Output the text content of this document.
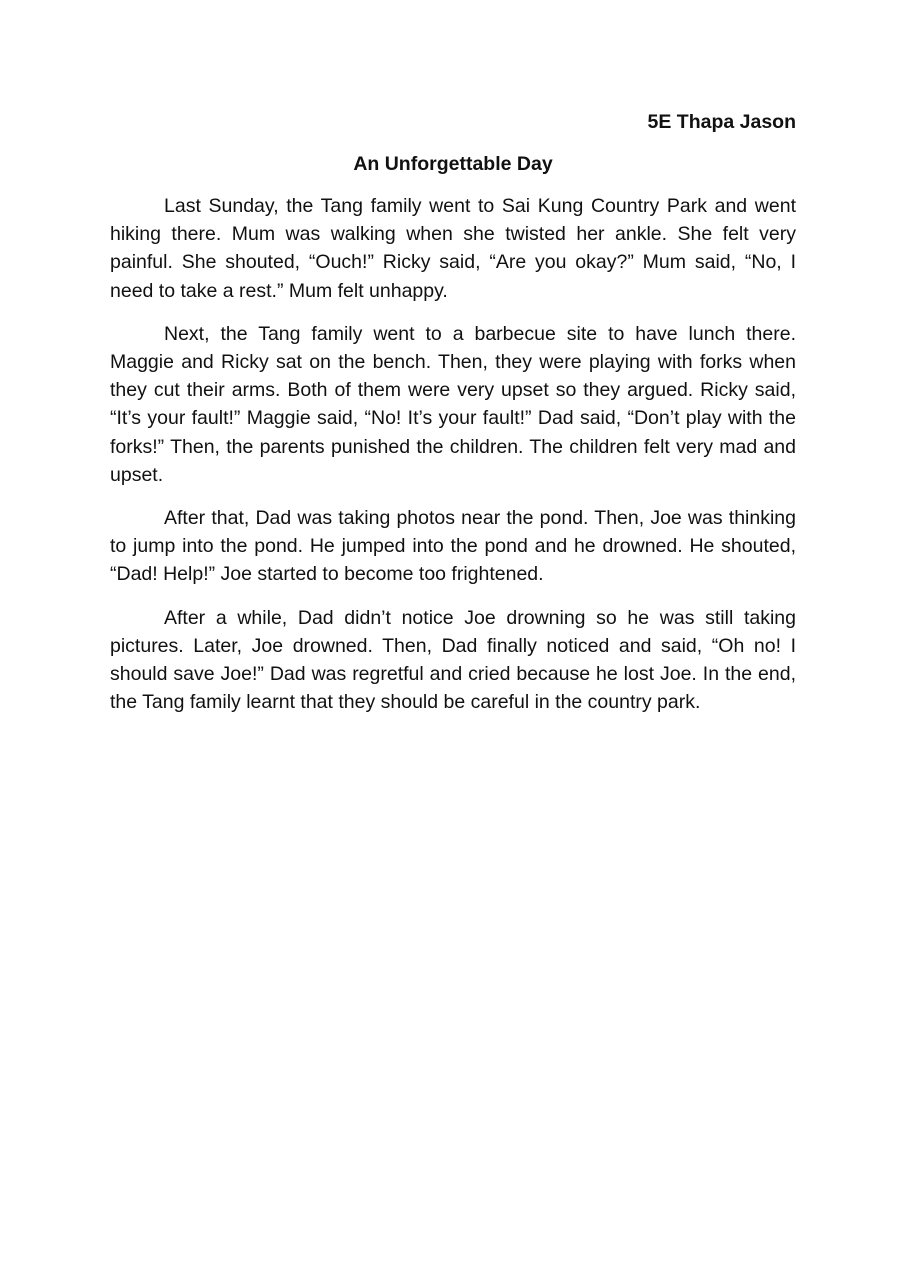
5E Thapa Jason

An Unforgettable Day

Last Sunday, the Tang family went to Sai Kung Country Park and went hiking there. Mum was walking when she twisted her ankle. She felt very painful. She shouted, “Ouch!” Ricky said, “Are you okay?” Mum said, “No, I need to take a rest.” Mum felt unhappy.

Next, the Tang family went to a barbecue site to have lunch there. Maggie and Ricky sat on the bench. Then, they were playing with forks when they cut their arms. Both of them were very upset so they argued. Ricky said, “It’s your fault!” Maggie said, “No! It’s your fault!” Dad said, “Don’t play with the forks!” Then, the parents punished the children. The children felt very mad and upset.

After that, Dad was taking photos near the pond. Then, Joe was thinking to jump into the pond. He jumped into the pond and he drowned. He shouted, “Dad! Help!” Joe started to become too frightened.

After a while, Dad didn’t notice Joe drowning so he was still taking pictures. Later, Joe drowned. Then, Dad finally noticed and said, “Oh no! I should save Joe!” Dad was regretful and cried because he lost Joe. In the end, the Tang family learnt that they should be careful in the country park.
